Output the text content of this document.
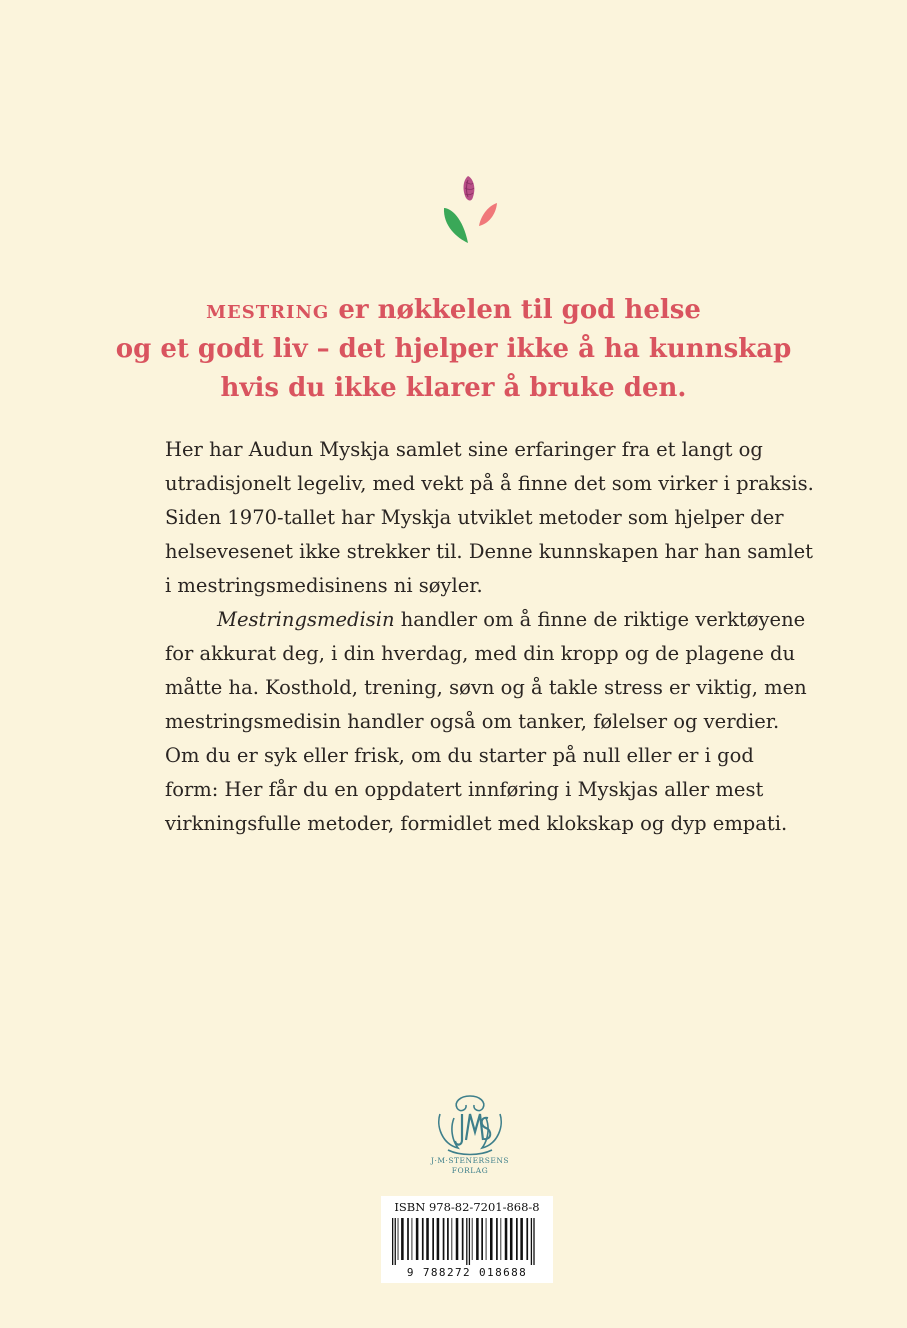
mestring er nøkkelen til god helse
og et godt liv – det hjelper ikke å ha kunnskap
hvis du ikke klarer å bruke den.
Her har Audun Myskja samlet sine erfaringer fra et langt og
utradisjonelt legeliv, med vekt på å finne det som virker i praksis.
Siden 1970-tallet har Myskja utviklet metoder som hjelper der
helsevesenet ikke strekker til. Denne kunnskapen har han samlet
i mestringsmedisinens ni søyler.
Mestringsmedisin handler om å finne de riktige verktøyene
for akkurat deg, i din hverdag, med din kropp og de plagene du
måtte ha. Kosthold, trening, søvn og å takle stress er viktig, men
mestringsmedisin handler også om tanker, følelser og verdier.
Om du er syk eller frisk, om du starter på null eller er i god
form: Her får du en oppdatert innføring i Myskjas aller mest
virkningsfulle metoder, formidlet med klokskap og dyp empati.
J·M·STENERSENS
FORLAG
ISBN 978-82-7201-868-8
9 788272 018688
